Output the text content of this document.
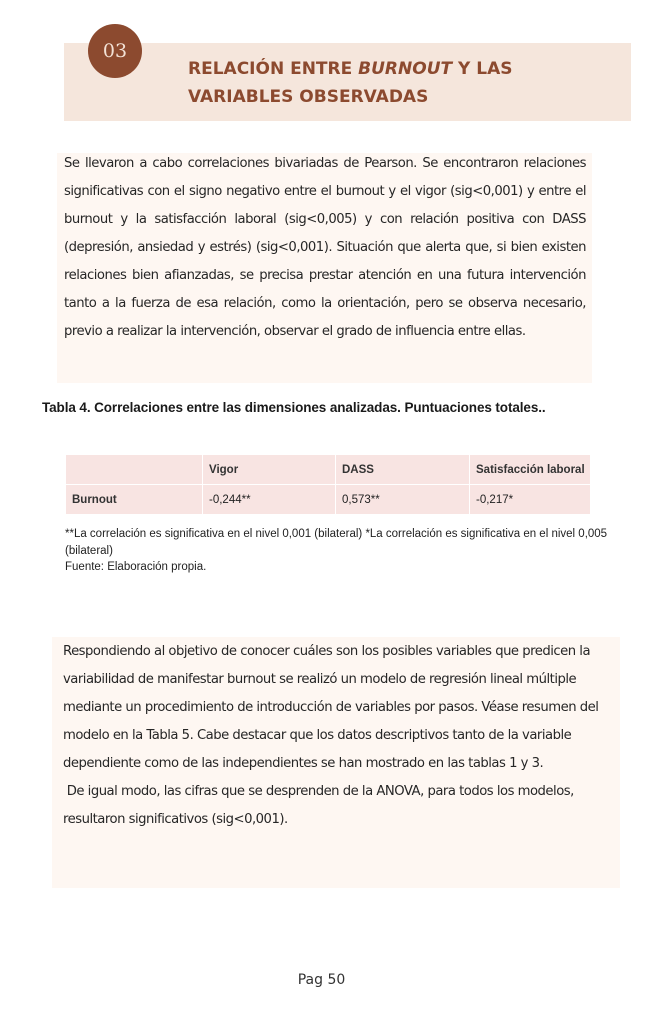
03
RELACIÓN ENTRE BURNOUT Y LAS VARIABLES OBSERVADAS
Se llevaron a cabo correlaciones bivariadas de Pearson. Se encontraron relaciones significativas con el signo negativo entre el burnout y el vigor (sig<0,001) y entre el burnout y la satisfacción laboral (sig<0,005) y con relación positiva con DASS (depresión, ansiedad y estrés) (sig<0,001). Situación que alerta que, si bien existen relaciones bien afianzadas, se precisa prestar atención en una futura intervención tanto a la fuerza de esa relación, como la orientación, pero se observa necesario, previo a realizar la intervención, observar el grado de influencia entre ellas.
Tabla 4. Correlaciones entre las dimensiones analizadas. Puntuaciones totales..
	Vigor	DASS	Satisfacción laboral
Burnout	-0,244**	0,573**	-0,217*
**La correlación es significativa en el nivel 0,001 (bilateral) *La correlación es significativa en el nivel 0,005 (bilateral)
Fuente: Elaboración propia.
Respondiendo al objetivo de conocer cuáles son los posibles variables que predicen la variabilidad de manifestar burnout se realizó un modelo de regresión lineal múltiple mediante un procedimiento de introducción de variables por pasos. Véase resumen del modelo en la Tabla 5. Cabe destacar que los datos descriptivos tanto de la variable dependiente como de las independientes se han mostrado en las tablas 1 y 3.
De igual modo, las cifras que se desprenden de la ANOVA, para todos los modelos, resultaron significativos (sig<0,001).
Pag 50
